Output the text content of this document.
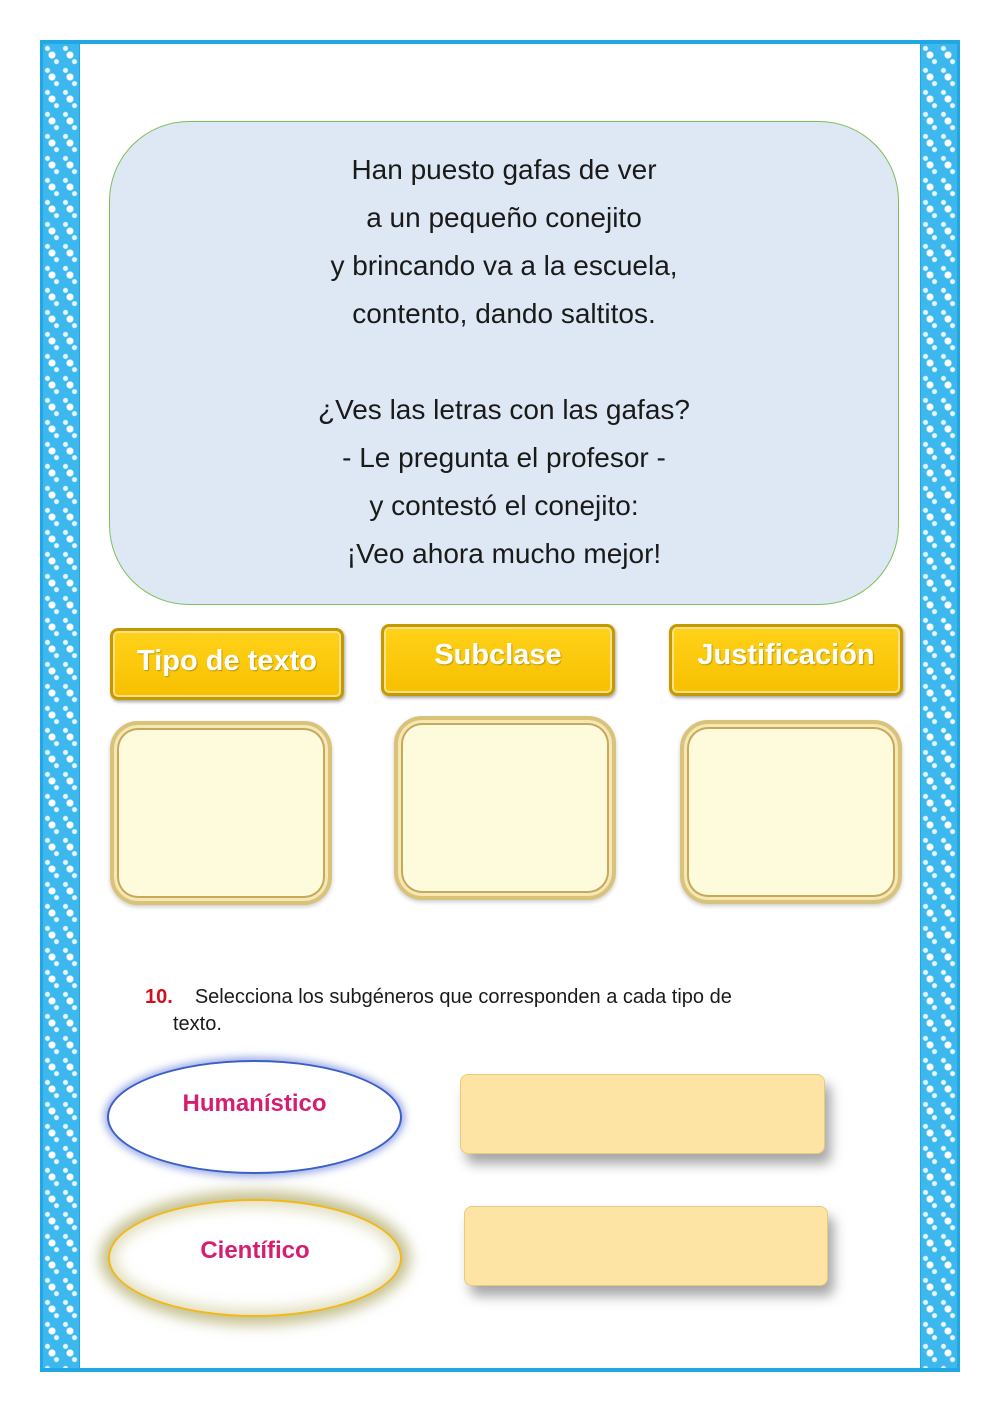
Han puesto gafas de ver
a un pequeño conejito
y brincando va a la escuela,
contento, dando saltitos.
¿Ves las letras con las gafas?
- Le pregunta el profesor -
y contestó el conejito:
¡Veo ahora mucho mejor!
Tipo de texto	Subclase	Justificación
10. Selecciona los subgéneros que corresponden a cada tipo de
texto.
Humanístico
Científico
